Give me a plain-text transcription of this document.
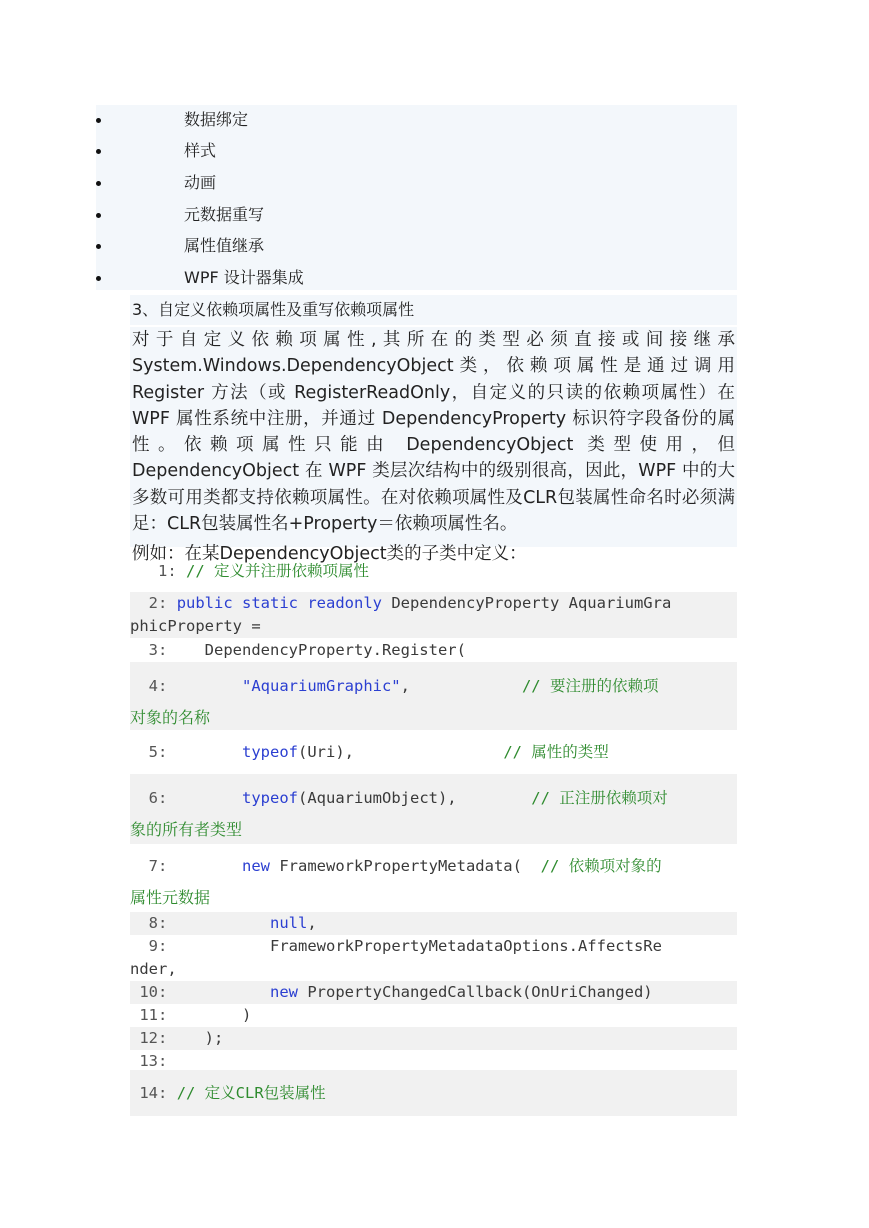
数据绑定
样式
动画
元数据重写
属性值继承
WPF 设计器集成
3、自定义依赖项属性及重写依赖项属性

对于自定义依赖项属性,其所在的类型必须直接或间接继承System.Windows.DependencyObject类，依赖项属性是通过调用 Register 方法（或 RegisterReadOnly，自定义的只读的依赖项属性）在 WPF 属性系统中注册，并通过 DependencyProperty 标识符字段备份的属性。依赖项属性只能由 DependencyObject 类型使用，但 DependencyObject 在 WPF 类层次结构中的级别很高，因此，WPF 中的大多数可用类都支持依赖项属性。在对依赖项属性及CLR包装属性命名时必须满足：CLR包装属性名+Property＝依赖项属性名。

例如：在某DependencyObject类的子类中定义：

1: // 定义并注册依赖项属性

2: public static readonly DependencyProperty AquariumGra
phicProperty =

3: DependencyProperty.Register(

4:	"AquariumGraphic",	// 要注册的依赖项
对象的名称

5:	typeof(Uri),	// 属性的类型

6:	typeof(AquariumObject),	// 正注册依赖项对
象的所有者类型

7:	new FrameworkPropertyMetadata( // 依赖项对象的
属性元数据

8:	null,

9:	FrameworkPropertyMetadataOptions.AffectsRe
nder,

10:	new PropertyChangedCallback(OnUriChanged)

11:	)

12: );

13:

14: // 定义CLR包装属性
